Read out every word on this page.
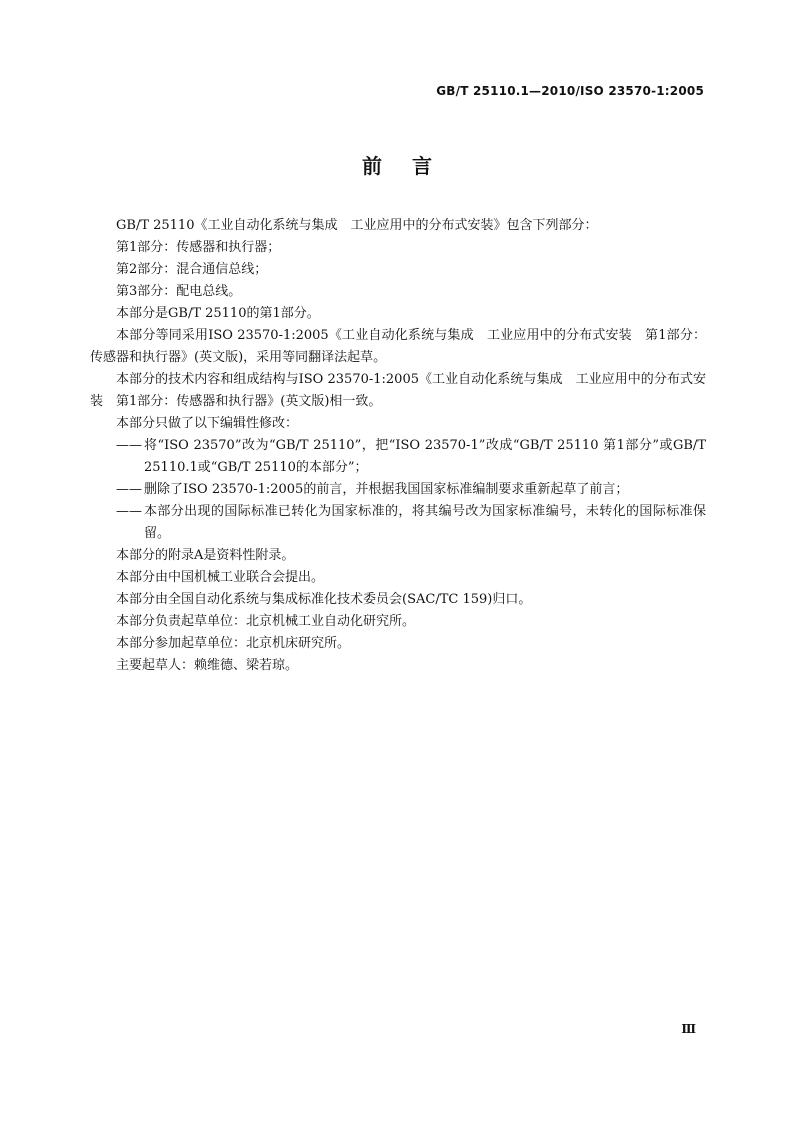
GB/T 25110.1—2010/ISO 23570-1:2005
前言

GB/T 25110《工业自动化系统与集成　工业应用中的分布式安装》包含下列部分：

第1部分：传感器和执行器；

第2部分：混合通信总线；

第3部分：配电总线。

本部分是GB/T 25110的第1部分。

本部分等同采用ISO 23570-1:2005《工业自动化系统与集成　工业应用中的分布式安装　第1部分：传感器和执行器》(英文版)，采用等同翻译法起草。

本部分的技术内容和组成结构与ISO 23570-1:2005《工业自动化系统与集成　工业应用中的分布式安装　第1部分：传感器和执行器》(英文版)相一致。

本部分只做了以下编辑性修改：

—— 将“ISO 23570”改为“GB/T 25110”，把“ISO 23570-1”改成“GB/T 25110 第1部分”或GB/T 25110.1或“GB/T 25110的本部分”；
—— 删除了ISO 23570-1:2005的前言，并根据我国国家标准编制要求重新起草了前言；
—— 本部分出现的国际标准已转化为国家标准的，将其编号改为国家标准编号，未转化的国际标准保留。

本部分的附录A是资料性附录。

本部分由中国机械工业联合会提出。

本部分由全国自动化系统与集成标准化技术委员会(SAC/TC 159)归口。

本部分负责起草单位：北京机械工业自动化研究所。

本部分参加起草单位：北京机床研究所。

主要起草人：赖维德、梁若琼。

Ⅲ
